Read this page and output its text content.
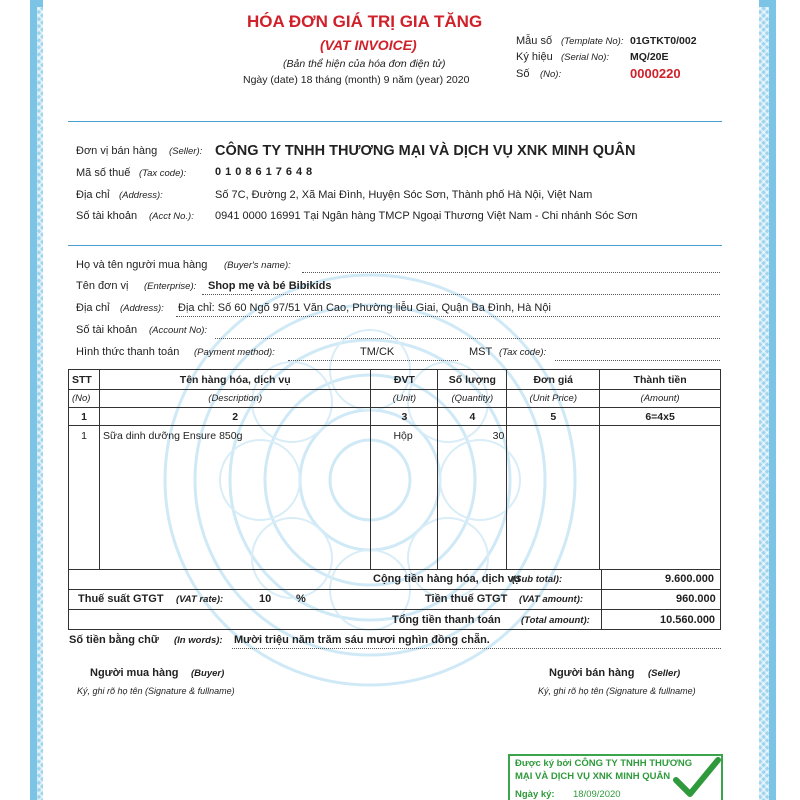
HÓA ĐƠN GIÁ TRỊ GIA TĂNG
(VAT INVOICE)
(Bản thể hiện của hóa đơn điện tử)
Ngày (date) 18 tháng (month) 9 năm (year) 2020
Mẫu số (Template No): 01GTKT0/002
Ký hiệu (Serial No): MQ/20E
Số (No):	0000220
Đơn vị bán hàng (Seller): CÔNG TY TNHH THƯƠNG MẠI VÀ DỊCH VỤ XNK MINH QUÂN
Mã số thuế (Tax code):	0108617648
Địa chỉ (Address):	Số 7C, Đường 2, Xã Mai Đình, Huyện Sóc Sơn, Thành phố Hà Nội, Việt Nam
Số tài khoản (Acct No.): 0941 0000 16991 Tại Ngân hàng TMCP Ngoại Thương Việt Nam - Chi nhánh Sóc Sơn
Họ và tên người mua hàng (Buyer's name):
Tên đơn vị (Enterprise): Shop mẹ và bé Bibikids
Địa chỉ (Address): Địa chỉ: Số 60 Ngõ 97/51 Văn Cao, Phường liễu Giai, Quận Ba Đình, Hà Nội
Số tài khoản (Account No):
Hình thức thanh toán (Payment method):	TM/CK	MST (Tax code):
STT	Tên hàng hóa, dịch vụ	ĐVT	Số lượng	Đơn giá	Thành tiền
(No)	(Description)	(Unit)	(Quantity)	(Unit Price)	(Amount)
1	2	3	4	5	6=4x5
1	Sữa dinh dưỡng Ensure 850g	Hộp	30		
Cộng tiền hàng hóa, dịch vụ
(Sub total):	9.600.000
Thuế suất GTGT (VAT rate):	10 %	Tiền thuế GTGT (VAT amount):	960.000
Tổng tiền thanh toán (Total amount):	10.560.000
Số tiền bằng chữ (In words): Mười triệu năm trăm sáu mươi nghìn đồng chẵn.
Người mua hàng (Buyer)
Ký, ghi rõ họ tên (Signature & fullname)
Người bán hàng (Seller)
Ký, ghi rõ họ tên (Signature & fullname)
Được ký bởi CÔNG TY TNHH THƯƠNG
MẠI VÀ DỊCH VỤ XNK MINH QUÂN
Ngày ký: 18/09/2020
